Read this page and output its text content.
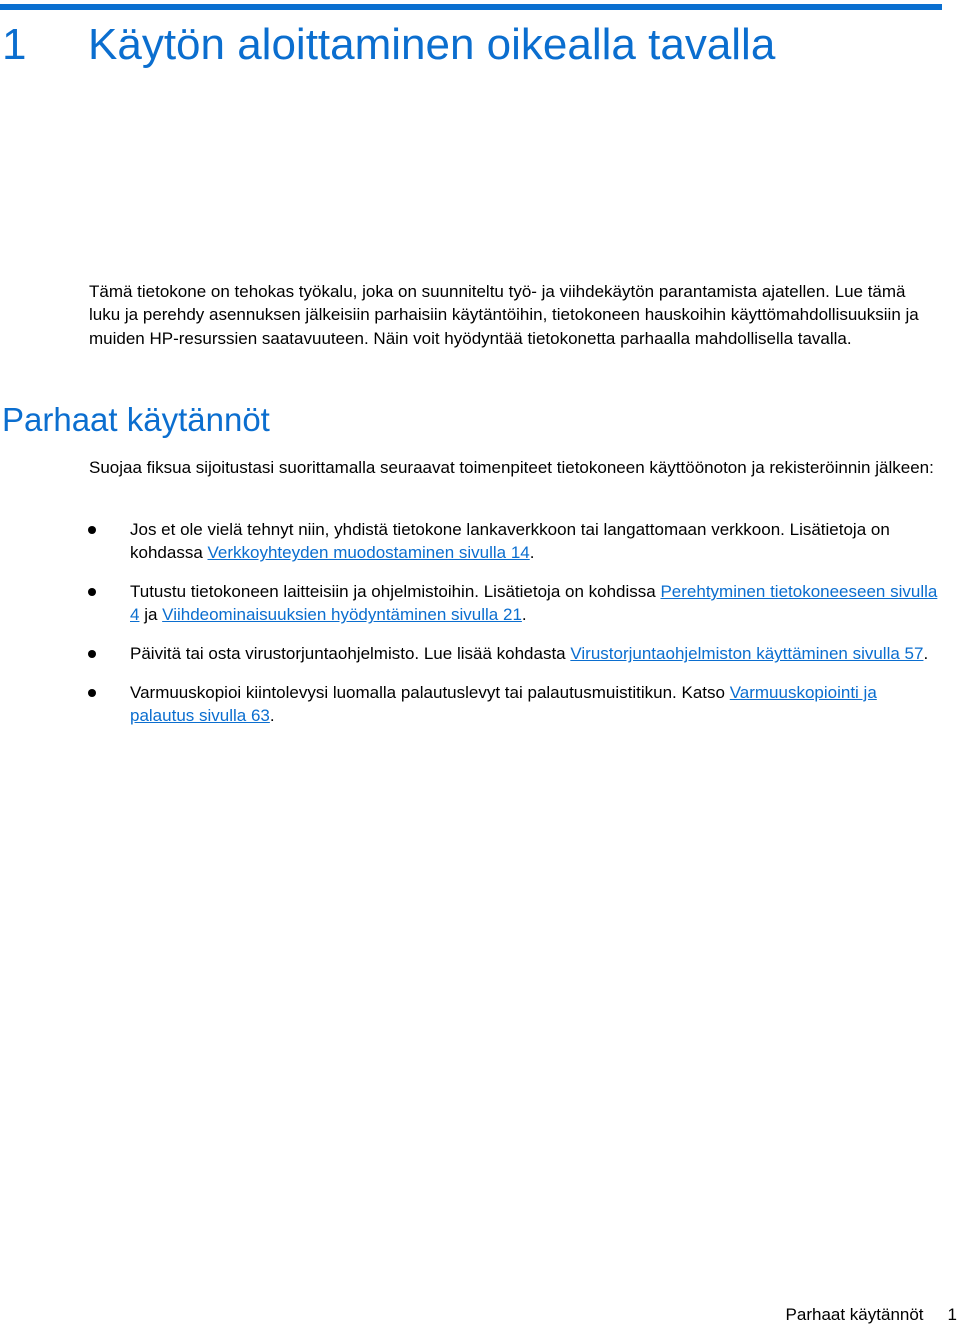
1 Käytön aloittaminen oikealla tavalla

Tämä tietokone on tehokas työkalu, joka on suunniteltu työ- ja viihdekäytön parantamista ajatellen. Lue tämä luku ja perehdy asennuksen jälkeisiin parhaisiin käytäntöihin, tietokoneen hauskoihin käyttömahdollisuuksiin ja muiden HP-resurssien saatavuuteen. Näin voit hyödyntää tietokonetta parhaalla mahdollisella tavalla.

Parhaat käytännöt

Suojaa fiksua sijoitustasi suorittamalla seuraavat toimenpiteet tietokoneen käyttöönoton ja rekisteröinnin jälkeen:

Jos et ole vielä tehnyt niin, yhdistä tietokone lankaverkkoon tai langattomaan verkkoon. Lisätietoja on kohdassa Verkkoyhteyden muodostaminen sivulla 14.
Tutustu tietokoneen laitteisiin ja ohjelmistoihin. Lisätietoja on kohdissa Perehtyminen tietokoneeseen sivulla 4 ja Viihdeominaisuuksien hyödyntäminen sivulla 21.
Päivitä tai osta virustorjuntaohjelmisto. Lue lisää kohdasta Virustorjuntaohjelmiston käyttäminen sivulla 57.
Varmuuskopioi kiintolevysi luomalla palautuslevyt tai palautusmuistitikun. Katso Varmuuskopiointi ja palautus sivulla 63.
Parhaat käytännöt 1
